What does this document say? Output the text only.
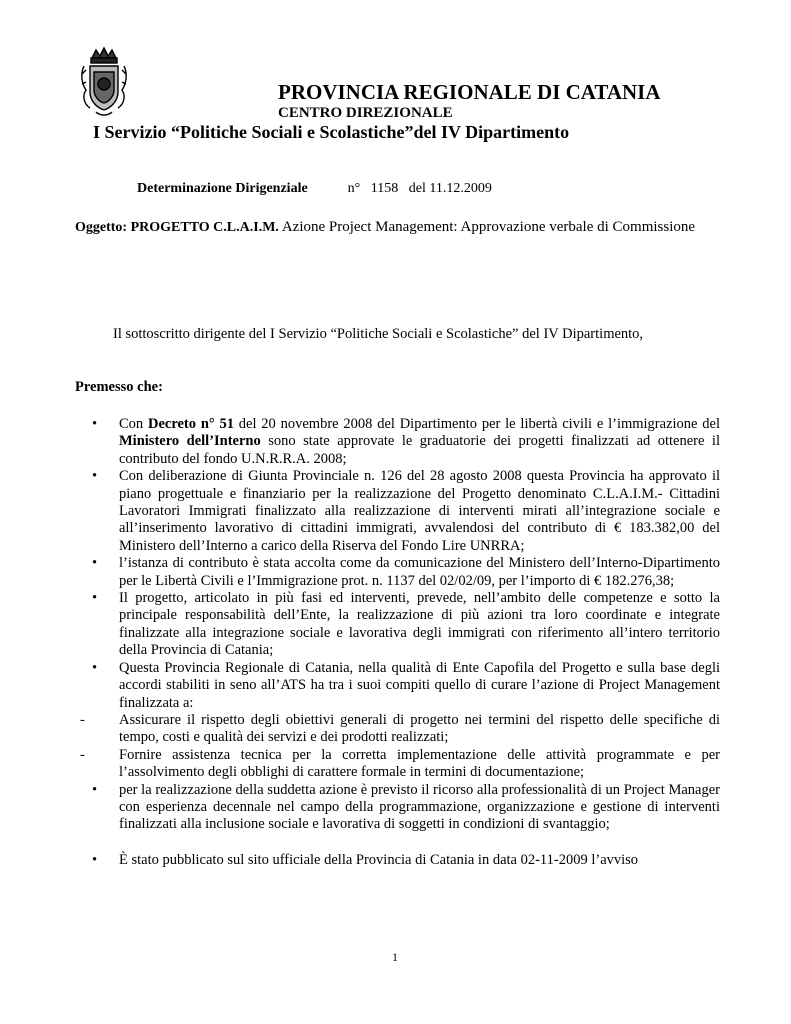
PROVINCIA REGIONALE DI CATANIA
CENTRO DIREZIONALE
I Servizio “Politiche Sociali e Scolastiche”del IV Dipartimento
Determinazione Dirigenziale	n°   1158   del 11.12.2009
Oggetto: PROGETTO C.L.A.I.M. Azione Project Management: Approvazione verbale di Commissione
Il sottoscritto dirigente del I Servizio “Politiche Sociali e Scolastiche” del IV Dipartimento,
Premesso che:

• Con Decreto n° 51 del 20 novembre 2008 del Dipartimento per le libertà civili e l’immigrazione del Ministero dell’Interno sono state approvate le graduatorie dei progetti finalizzati ad ottenere il contributo del fondo U.N.R.R.A. 2008;

• Con deliberazione di Giunta Provinciale n. 126 del 28 agosto 2008 questa Provincia ha approvato il piano progettuale e finanziario per la realizzazione del Progetto denominato C.L.A.I.M.- Cittadini Lavoratori Immigrati finalizzato alla realizzazione di interventi mirati all’integrazione sociale e all’inserimento lavorativo di cittadini immigrati, avvalendosi del contributo di € 183.382,00 del Ministero dell’Interno a carico della Riserva del Fondo Lire UNRRA;

• l’istanza di contributo è stata accolta come da comunicazione del Ministero dell’Interno-Dipartimento per le Libertà Civili e l’Immigrazione prot. n. 1137 del 02/02/09, per l’importo di € 182.276,38;

• Il progetto, articolato in più fasi ed interventi, prevede, nell’ambito delle competenze e sotto la principale responsabilità dell’Ente, la realizzazione di più azioni tra loro coordinate e integrate finalizzate alla integrazione sociale e lavorativa degli immigrati con riferimento all’intero territorio della Provincia di Catania;

• Questa Provincia Regionale di Catania, nella qualità di Ente Capofila del Progetto e sulla base degli accordi stabiliti in seno all’ATS ha tra i suoi compiti quello di curare l’azione di Project Management finalizzata a:

- Assicurare il rispetto degli obiettivi generali di progetto nei termini del rispetto delle specifiche di tempo, costi e qualità dei servizi e dei prodotti realizzati;

- Fornire assistenza tecnica per la corretta implementazione delle attività programmate e per l’assolvimento degli obblighi di carattere formale in termini di documentazione;

• per la realizzazione della suddetta azione è previsto il ricorso alla professionalità di un Project Manager con esperienza decennale nel campo della programmazione, organizzazione e gestione di interventi finalizzati alla inclusione sociale e lavorativa di soggetti in condizioni di svantaggio;

• È stato pubblicato sul sito ufficiale della Provincia di Catania in data 02-11-2009 l’avviso

1
